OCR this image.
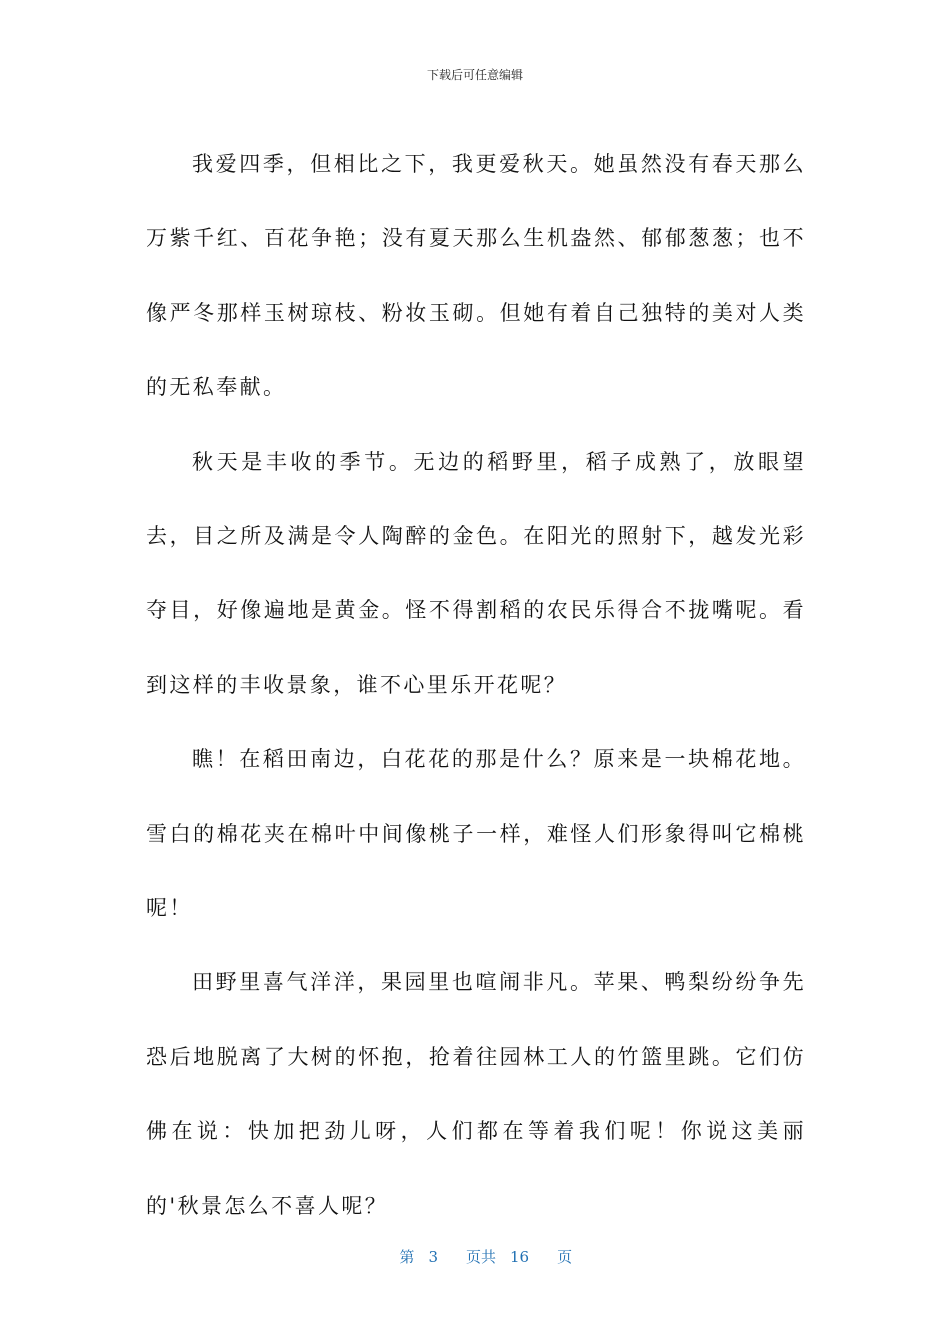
下载后可任意编辑

我爱四季，但相比之下，我更爱秋天。她虽然没有春天那么万紫千红、百花争艳；没有夏天那么生机盎然、郁郁葱葱；也不像严冬那样玉树琼枝、粉妆玉砌。但她有着自己独特的美对人类的无私奉献。

秋天是丰收的季节。无边的稻野里，稻子成熟了，放眼望去，目之所及满是令人陶醉的金色。在阳光的照射下，越发光彩夺目，好像遍地是黄金。怪不得割稻的农民乐得合不拢嘴呢。看到这样的丰收景象，谁不心里乐开花呢？

瞧！在稻田南边，白花花的那是什么？原来是一块棉花地。雪白的棉花夹在棉叶中间像桃子一样，难怪人们形象得叫它棉桃呢！

田野里喜气洋洋，果园里也喧闹非凡。苹果、鸭梨纷纷争先恐后地脱离了大树的怀抱，抢着往园林工人的竹篮里跳。它们仿佛在说：快加把劲儿呀，人们都在等着我们呢！你说这美丽的'秋景怎么不喜人呢？

第 3 页共 16 页
